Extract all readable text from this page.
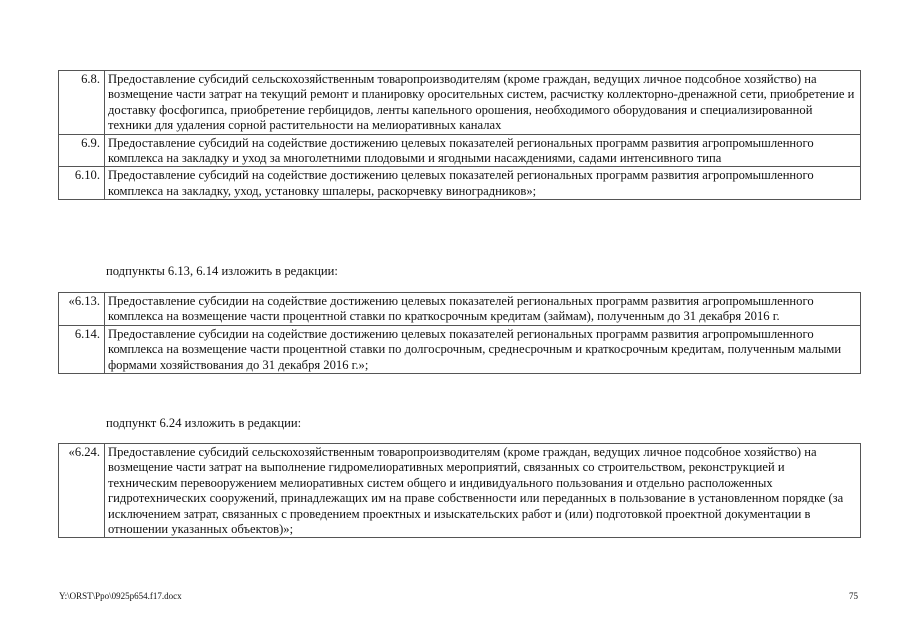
6.8.	Предоставление субсидий сельскохозяйственным товаропроизводителям (кроме граждан, ведущих личное подсобное хозяйство) на возмещение части затрат на текущий ремонт и планировку оросительных систем, расчистку коллекторно-дренажной сети, приобретение и доставку фосфогипса, приобретение гербицидов, ленты капельного орошения, необходимого оборудования и специализированной техники для удаления сорной растительности на мелиоративных каналах
6.9.	Предоставление субсидий на содействие достижению целевых показателей региональных программ развития агропромышленного комплекса на закладку и уход за многолетними плодовыми и ягодными насаждениями, садами интенсивного типа
6.10.	Предоставление субсидий на содействие достижению целевых показателей региональных программ развития агропромышленного комплекса на закладку, уход, установку шпалеры, раскорчевку виноградников»;
подпункты 6.13, 6.14 изложить в редакции:
«6.13.	Предоставление субсидии на содействие достижению целевых показателей региональных программ развития агропромышленного комплекса на возмещение части процентной ставки по краткосрочным кредитам (займам), полученным до 31 декабря 2016 г.
6.14.	Предоставление субсидии на содействие достижению целевых показателей региональных программ развития агропромышленного комплекса на возмещение части процентной ставки по долгосрочным, среднесрочным и краткосрочным кредитам, полученным малыми формами хозяйствования до 31 декабря 2016 г.»;
подпункт 6.24 изложить в редакции:
«6.24.	Предоставление субсидий сельскохозяйственным товаропроизводителям (кроме граждан, ведущих личное подсобное хозяйство) на возмещение части затрат на выполнение гидромелиоративных мероприятий, связанных со строительством, реконструкцией и техническим перевооружением мелиоративных систем общего и индивидуального пользования и отдельно расположенных гидротехнических сооружений, принадлежащих им на праве собственности или переданных в пользование в установленном порядке (за исключением затрат, связанных с проведением проектных и изыскательских работ и (или) подготовкой проектной документации в отношении указанных объектов)»;
Y:\ORST\Ppo\0925p654.f17.docx	75
